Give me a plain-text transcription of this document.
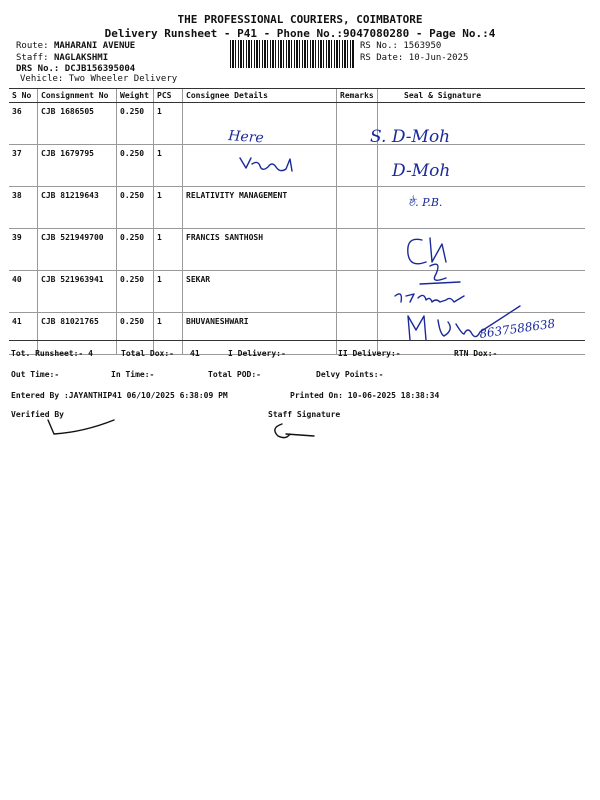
THE PROFESSIONAL COURIERS, COIMBATORE
Delivery Runsheet - P41 - Phone No.:9047080280 - Page No.:4
Route: MAHARANI AVENUE
Staff: NAGLAKSHMI
DRS No.: DCJB156395004
Vehicle: Two Wheeler Delivery
RS No.: 1563950
RS Date: 10-Jun-2025
S No	Consignment No	Weight	PCS	Consignee Details	Remarks	Seal & Signature
36	CJB 1686505	0.250	1			
37	CJB 1679795	0.250	1			
38	CJB 81219643	0.250	1	RELATIVITY MANAGEMENT		
39	CJB 521949700	0.250	1	FRANCIS SANTHOSH		
40	CJB 521963941	0.250	1	SEKAR		
41	CJB 81021765	0.250	1	BHUVANESHWARI		
Tot. Runsheet:- 4	Total Dox:- 41	I Delivery:-	II Delivery:-	RTN Dox:-
Out Time:-	In Time:-	Total POD:-	Delvy Points:-
Entered By :JAYANTHIP41 06/10/2025 6:38:09 PM	Printed On: 10-06-2025 18:38:34
Verified By	Staff Signature
Here	S. D-Moh
D-Moh
ষ্ঠ. P.B.
8637588638
